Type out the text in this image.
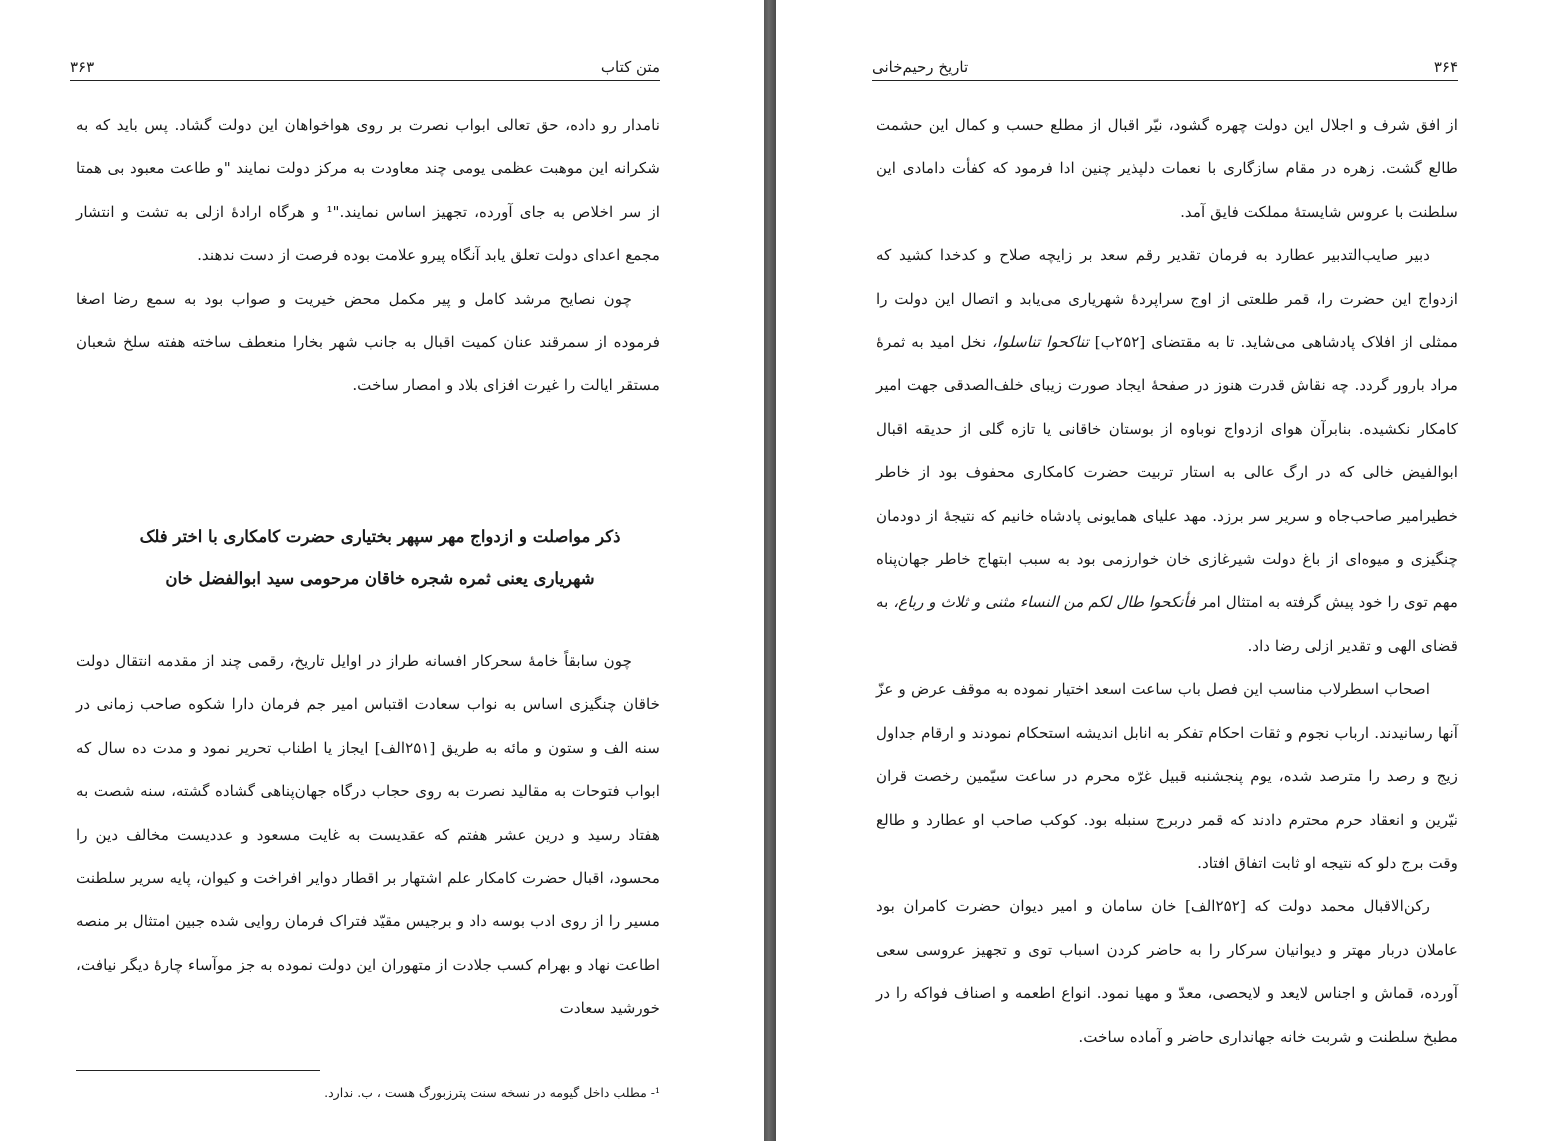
متن کتاب
۳۶۳

نامدار رو داده، حق تعالی ابواب نصرت بر روی هواخواهان این دولت گشاد. پس باید که به شکرانه این موهبت عظمی یومی چند معاودت به مرکز دولت نمایند "و طاعت معبود بی همتا از سر اخلاص به جای آورده، تجهیز اساس نمایند."¹ و هرگاه ارادهٔ ازلی به تشت و انتشار مجمع اعدای دولت تعلق یابد آنگاه پیرو علامت بوده فرصت از دست ندهند.

چون نصایح مرشد کامل و پیر مکمل محض خیریت و صواب بود به سمع رضا اصغا فرموده از سمرقند عنان کمیت اقبال به جانب شهر بخارا منعطف ساخته هفته سلخ شعبان مستقر ایالت را غیرت افزای بلاد و امصار ساخت.

ذکر مواصلت و ازدواج مهر سپهر بختیاری حضرت کامکاری با اختر فلک
شهریاری یعنی ثمره شجره خاقان مرحومی سید ابوالفضل خان

چون سابقاً خامهٔ سحرکار افسانه طراز در اوایل تاریخ، رقمی چند از مقدمه انتقال دولت خاقان چنگیزی اساس به نواب سعادت اقتباس امیر جم فرمان دارا شکوه صاحب زمانی در سنه الف و ستون و مائه به طریق [۲۵۱الف] ایجاز یا اطناب تحریر نمود و مدت ده سال که ابواب فتوحات به مقالید نصرت به روی حجاب درگاه جهان‌پناهی گشاده گشته، سنه شصت به هفتاد رسید و درین عشر هفتم که عقدیست به غایت مسعود و عددیست مخالف دین را محسود، اقبال حضرت کامکار علم اشتهار بر اقطار دوایر افراخت و کیوان، پایه سریر سلطنت مسیر را از روی ادب بوسه داد و برجیس مقیّد فتراک فرمان روایی شده جبین امتثال بر منصه اطاعت نهاد و بهرام کسب جلادت از متهوران این دولت نموده به جز موآساء چارهٔ دیگر نیافت، خورشید سعادت

¹- مطلب داخل گیومه در نسخه سنت پترزبورگ هست ، ب. ندارد.
۳۶۴
تاریخ رحیم‌خانی

از افق شرف و اجلال این دولت چهره گشود، نیّر اقبال از مطلع حسب و کمال این حشمت طالع گشت. زهره در مقام سازگاری با نعمات دلپذیر چنین ادا فرمود که کفأت دامادی این سلطنت با عروس شایستهٔ مملکت فایق آمد.

دبیر صایب‌التدبیر عطارد به فرمان تقدیر رقم سعد بر زایچه صلاح و کدخدا کشید که ازدواج این حضرت را، قمر طلعتی از اوج سراپردهٔ شهریاری می‌یابد و اتصال این دولت را ممثلی از افلاک پادشاهی می‌شاید. تا به مقتضای [۲۵۲ب] تناکحوا تناسلوا، نخل امید به ثمرهٔ مراد بارور گردد. چه نقاش قدرت هنوز در صفحهٔ ایجاد صورت زیبای خلف‌الصدقی جهت امیر کامکار نکشیده. بنابرآن هوای ازدواج نوباوه از بوستان خاقانی یا تازه گلی از حدیقه اقبال ابوالفیض خالی که در ارگ عالی به استار تربیت حضرت کامکاری محفوف بود از خاطر خطیرامیر صاحب‌جاه و سریر سر برزد. مهد علیای همایونی پادشاه خانیم که نتیجهٔ از دودمان چنگیزی و میوه‌ای از باغ دولت شیرغازی خان خوارزمی بود به سبب ابتهاج خاطر جهان‌پناه مهم توی را خود پیش گرفته به امتثال امر فأنکحوا طال لکم من النساء مثنی و ثلاث و رباع، به قضای الهی و تقدیر ازلی رضا داد.

اصحاب اسطرلاب مناسب این فصل باب ساعت اسعد اختیار نموده به موقف عرض و عزّ آنها رسانیدند. ارباب نجوم و ثقات احکام تفکر به انابل اندیشه استحکام نمودند و ارقام جداول زیج و رصد را مترصد شده، یوم پنجشنبه قبیل غرّه محرم در ساعت سیّمین رخصت قران نیّرین و انعقاد حرم محترم دادند که قمر دربرج سنبله بود. کوکب صاحب او عطارد و طالع وقت برج دلو که نتیجه او ثابت اتفاق افتاد.

رکن‌الاقبال محمد دولت که [۲۵۲الف] خان سامان و امیر دیوان حضرت کامران بود عاملان دربار مهتر و دیوانیان سرکار را به حاضر کردن اسباب توی و تجهیز عروسی سعی آورده، قماش و اجناس لایعد و لایحصی، معدّ و مهیا نمود. انواع اطعمه و اصناف فواکه را در مطبخ سلطنت و شربت خانه جهانداری حاضر و آماده ساخت.
